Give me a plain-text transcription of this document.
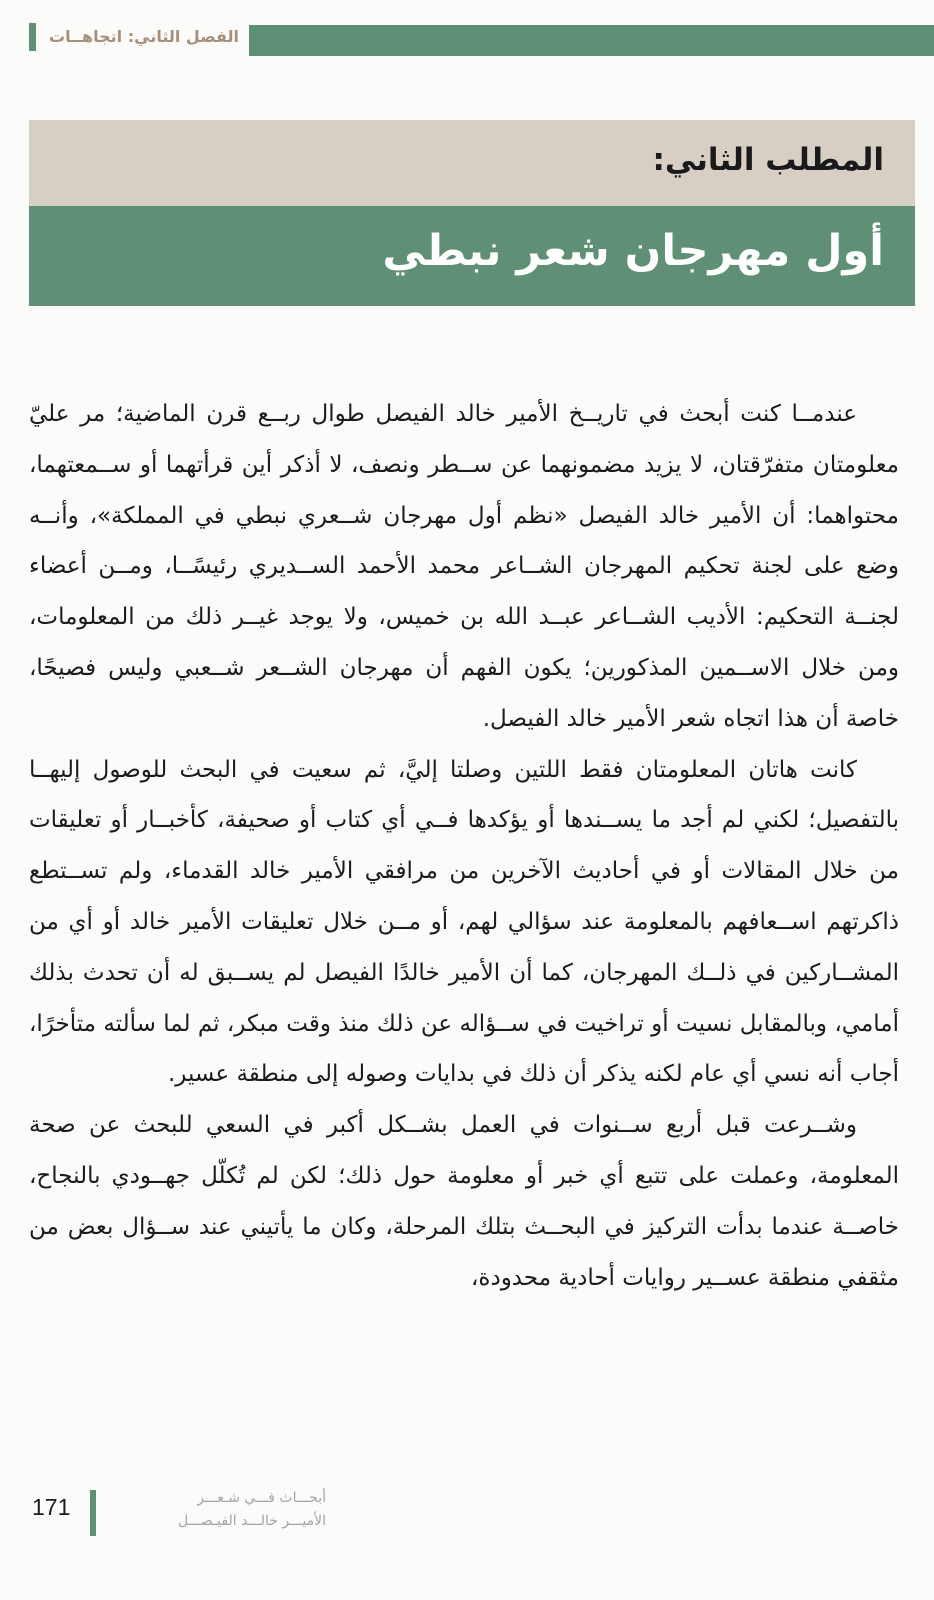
الفصل الثاني: اتجاهــات
المطلب الثاني:
أول مهرجان شعر نبطي

عندمــا كنت أبحث في تاريــخ الأمير خالد الفيصل طوال ربــع قرن الماضية؛ مر عليّ معلومتان متفرّقتان، لا يزيد مضمونهما عن ســطر ونصف، لا أذكر أين قرأتهما أو ســمعتهما، محتواهما: أن الأمير خالد الفيصل «نظم أول مهرجان شــعري نبطي في المملكة»، وأنــه وضع على لجنة تحكيم المهرجان الشــاعر محمد الأحمد الســديري رئيسًــا، ومــن أعضاء لجنــة التحكيم: الأديب الشــاعر عبــد الله بن خميس، ولا يوجد غيــر ذلك من المعلومات، ومن خلال الاســمين المذكورين؛ يكون الفهم أن مهرجان الشــعر شــعبي وليس فصيحًا، خاصة أن هذا اتجاه شعر الأمير خالد الفيصل.

كانت هاتان المعلومتان فقط اللتين وصلتا إليَّ، ثم سعيت في البحث للوصول إليهــا بالتفصيل؛ لكني لم أجد ما يســندها أو يؤكدها فــي أي كتاب أو صحيفة، كأخبــار أو تعليقات من خلال المقالات أو في أحاديث الآخرين من مرافقي الأمير خالد القدماء، ولم تســتطع ذاكرتهم اســعافهم بالمعلومة عند سؤالي لهم، أو مــن خلال تعليقات الأمير خالد أو أي من المشــاركين في ذلــك المهرجان، كما أن الأمير خالدًا الفيصل لم يســبق له أن تحدث بذلك أمامي، وبالمقابل نسيت أو تراخيت في ســؤاله عن ذلك منذ وقت مبكر، ثم لما سألته متأخرًا، أجاب أنه نسي أي عام لكنه يذكر أن ذلك في بدايات وصوله إلى منطقة عسير.

وشــرعت قبل أربع ســنوات في العمل بشــكل أكبر في السعي للبحث عن صحة المعلومة، وعملت على تتبع أي خبر أو معلومة حول ذلك؛ لكن لم تُكلّل جهــودي بالنجاح، خاصــة عندما بدأت التركيز في البحــث بتلك المرحلة، وكان ما يأتيني عند ســؤال بعض من مثقفي منطقة عســير روايات أحادية محدودة،

171	أبحـــاث فـــي شـعـــر
الأميـــر خالـــد الفيـصـــل
